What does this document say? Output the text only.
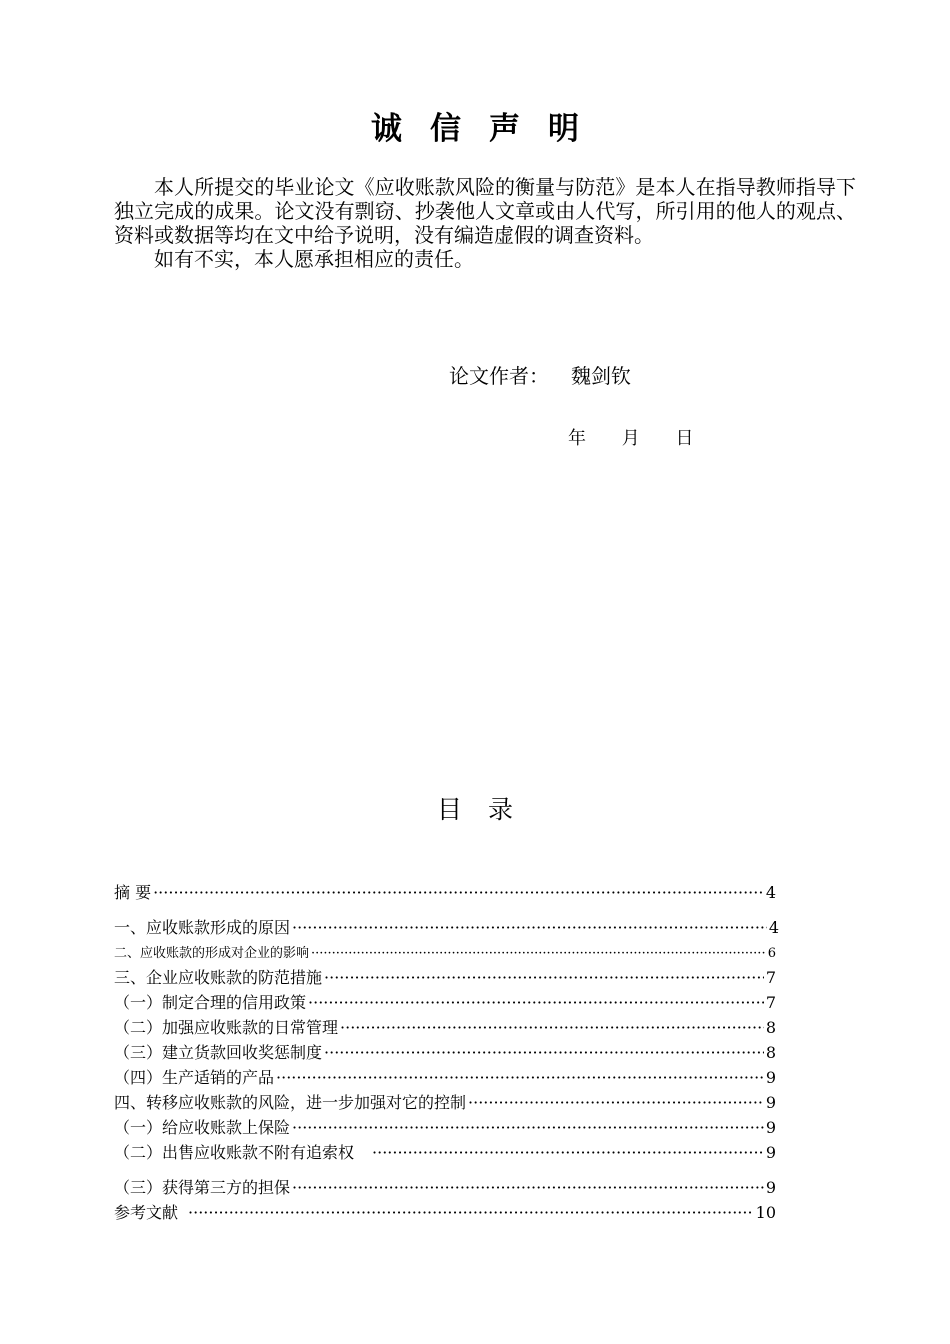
诚信声明

本人所提交的毕业论文《应收账款风险的衡量与防范》是本人在指导教师指导下独立完成的成果。论文没有剽窃、抄袭他人文章或由人代写，所引用的他人的观点、资料或数据等均在文中给予说明，没有编造虚假的调查资料。

如有不实，本人愿承担相应的责任。

论文作者： 魏剑钦
年 月 日
目录
摘 要 ·····	4
一、应收账款形成的原因 ·····	4
二、应收账款的形成对企业的影响 ·····	6
三、企业应收账款的防范措施 ·····	7
（一）制定合理的信用政策 ·····	7
（二）加强应收账款的日常管理 ·····	8
（三）建立货款回收奖惩制度 ·····	8
（四）生产适销的产品 ·····	9
四、转移应收账款的风险，进一步加强对它的控制 ·····	9
（一）给应收账款上保险 ·····	9
（二）出售应收账款不附有追索权 ·····	9
（三）获得第三方的担保 ·····	9
参考文献 ·····	10
